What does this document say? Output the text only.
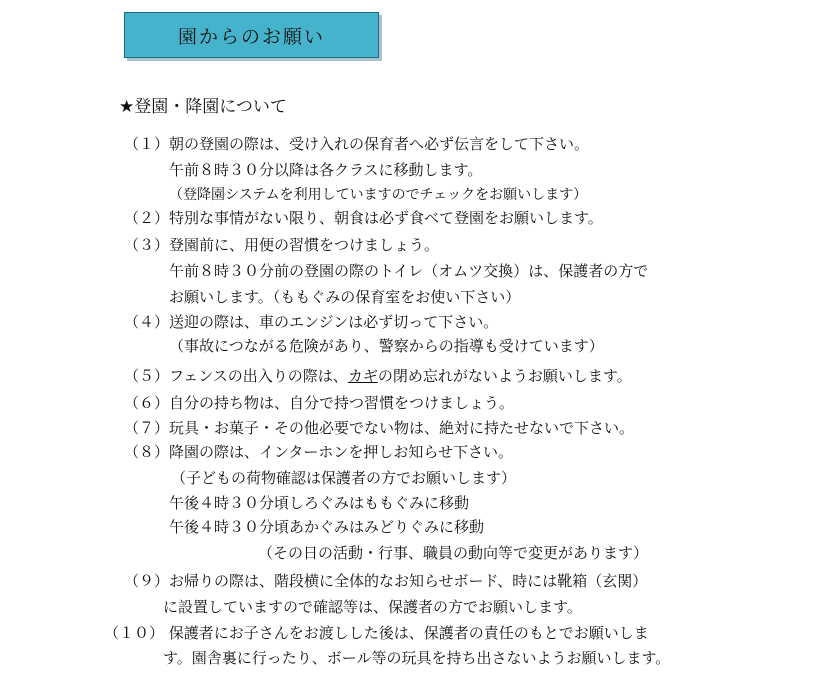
園からのお願い
★登園・降園について
（１）朝の登園の際は、受け入れの保育者へ必ず伝言をして下さい。
午前８時３０分以降は各クラスに移動します。
（登降園システムを利用していますのでチェックをお願いします）
（２）特別な事情がない限り、朝食は必ず食べて登園をお願いします。
（３）登園前に、用便の習慣をつけましょう。
午前８時３０分前の登園の際のトイレ（オムツ交換）は、保護者の方で
お願いします。（ももぐみの保育室をお使い下さい）
（４）送迎の際は、車のエンジンは必ず切って下さい。
（事故につながる危険があり、警察からの指導も受けています）
（５）フェンスの出入りの際は、カギの閉め忘れがないようお願いします。
（６）自分の持ち物は、自分で持つ習慣をつけましょう。
（７）玩具・お菓子・その他必要でない物は、絶対に持たせないで下さい。
（８）降園の際は、インターホンを押しお知らせ下さい。
（子どもの荷物確認は保護者の方でお願いします）
午後４時３０分頃しろぐみはももぐみに移動
午後４時３０分頃あかぐみはみどりぐみに移動
（その日の活動・行事、職員の動向等で変更があります）
（９）お帰りの際は、階段横に全体的なお知らせボード、時には靴箱（玄関）
に設置していますので確認等は、保護者の方でお願いします。
（１０） 保護者にお子さんをお渡しした後は、保護者の責任のもとでお願いしま
す。園舎裏に行ったり、ボール等の玩具を持ち出さないようお願いします。
